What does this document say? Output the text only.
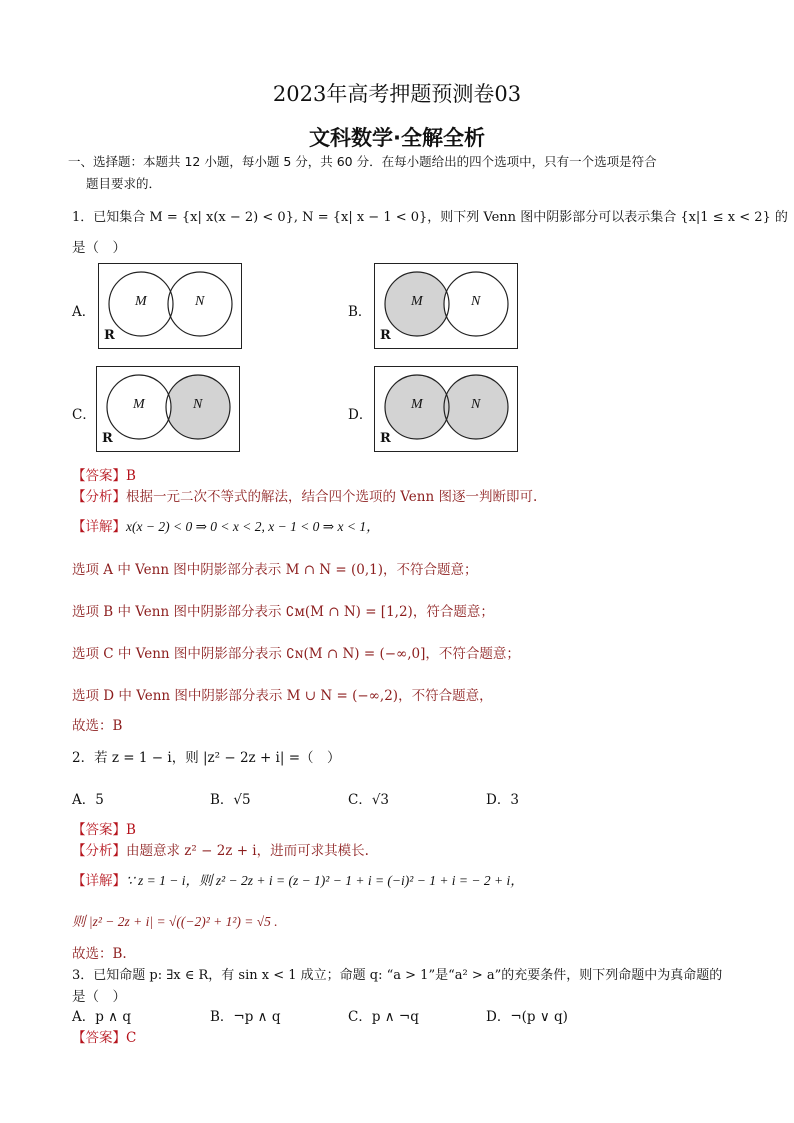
2023年高考押题预测卷03
文科数学·全解全析
一、选择题：本题共 12 小题，每小题 5 分，共 60 分．在每小题给出的四个选项中，只有一个选项是符合
题目要求的．
1．已知集合 M = {x| x(x − 2) < 0}, N = {x| x − 1 < 0}，则下列 Venn 图中阴影部分可以表示集合 {x|1 ≤ x < 2} 的
是（　）
A．
M	N
R
B．
M	N
R
C．
M	N
R
D．
M	N
R
【答案】B
【分析】根据一元二次不等式的解法，结合四个选项的 Venn 图逐一判断即可.
【详解】x(x − 2) < 0 ⇒ 0 < x < 2, x − 1 < 0 ⇒ x < 1，
选项 A 中 Venn 图中阴影部分表示 M ∩ N = (0,1)，不符合题意；
选项 B 中 Venn 图中阴影部分表示 ∁ᴍ(M ∩ N) = [1,2)，符合题意；
选项 C 中 Venn 图中阴影部分表示 ∁ɴ(M ∩ N) = (−∞,0]，不符合题意；
选项 D 中 Venn 图中阴影部分表示 M ∪ N = (−∞,2)，不符合题意，
故选：B
2．若 z = 1 − i，则 |z² − 2z + i| =（　）
A．5	B．√5	C．√3	D．3
【答案】B
【分析】由题意求 z² − 2z + i，进而可求其模长.
【详解】∵ z = 1 − i，则 z² − 2z + i = (z − 1)² − 1 + i = (−i)² − 1 + i = − 2 + i，
则 |z² − 2z + i| = √((−2)² + 1²) = √5 .
故选：B.
3．已知命题 p: ∃x ∈ R，有 sin x < 1 成立；命题 q: “a > 1”是“a² > a”的充要条件，则下列命题中为真命题的
是（　）
A．p ∧ q	B．¬p ∧ q	C．p ∧ ¬q	D．¬(p ∨ q)
【答案】C
